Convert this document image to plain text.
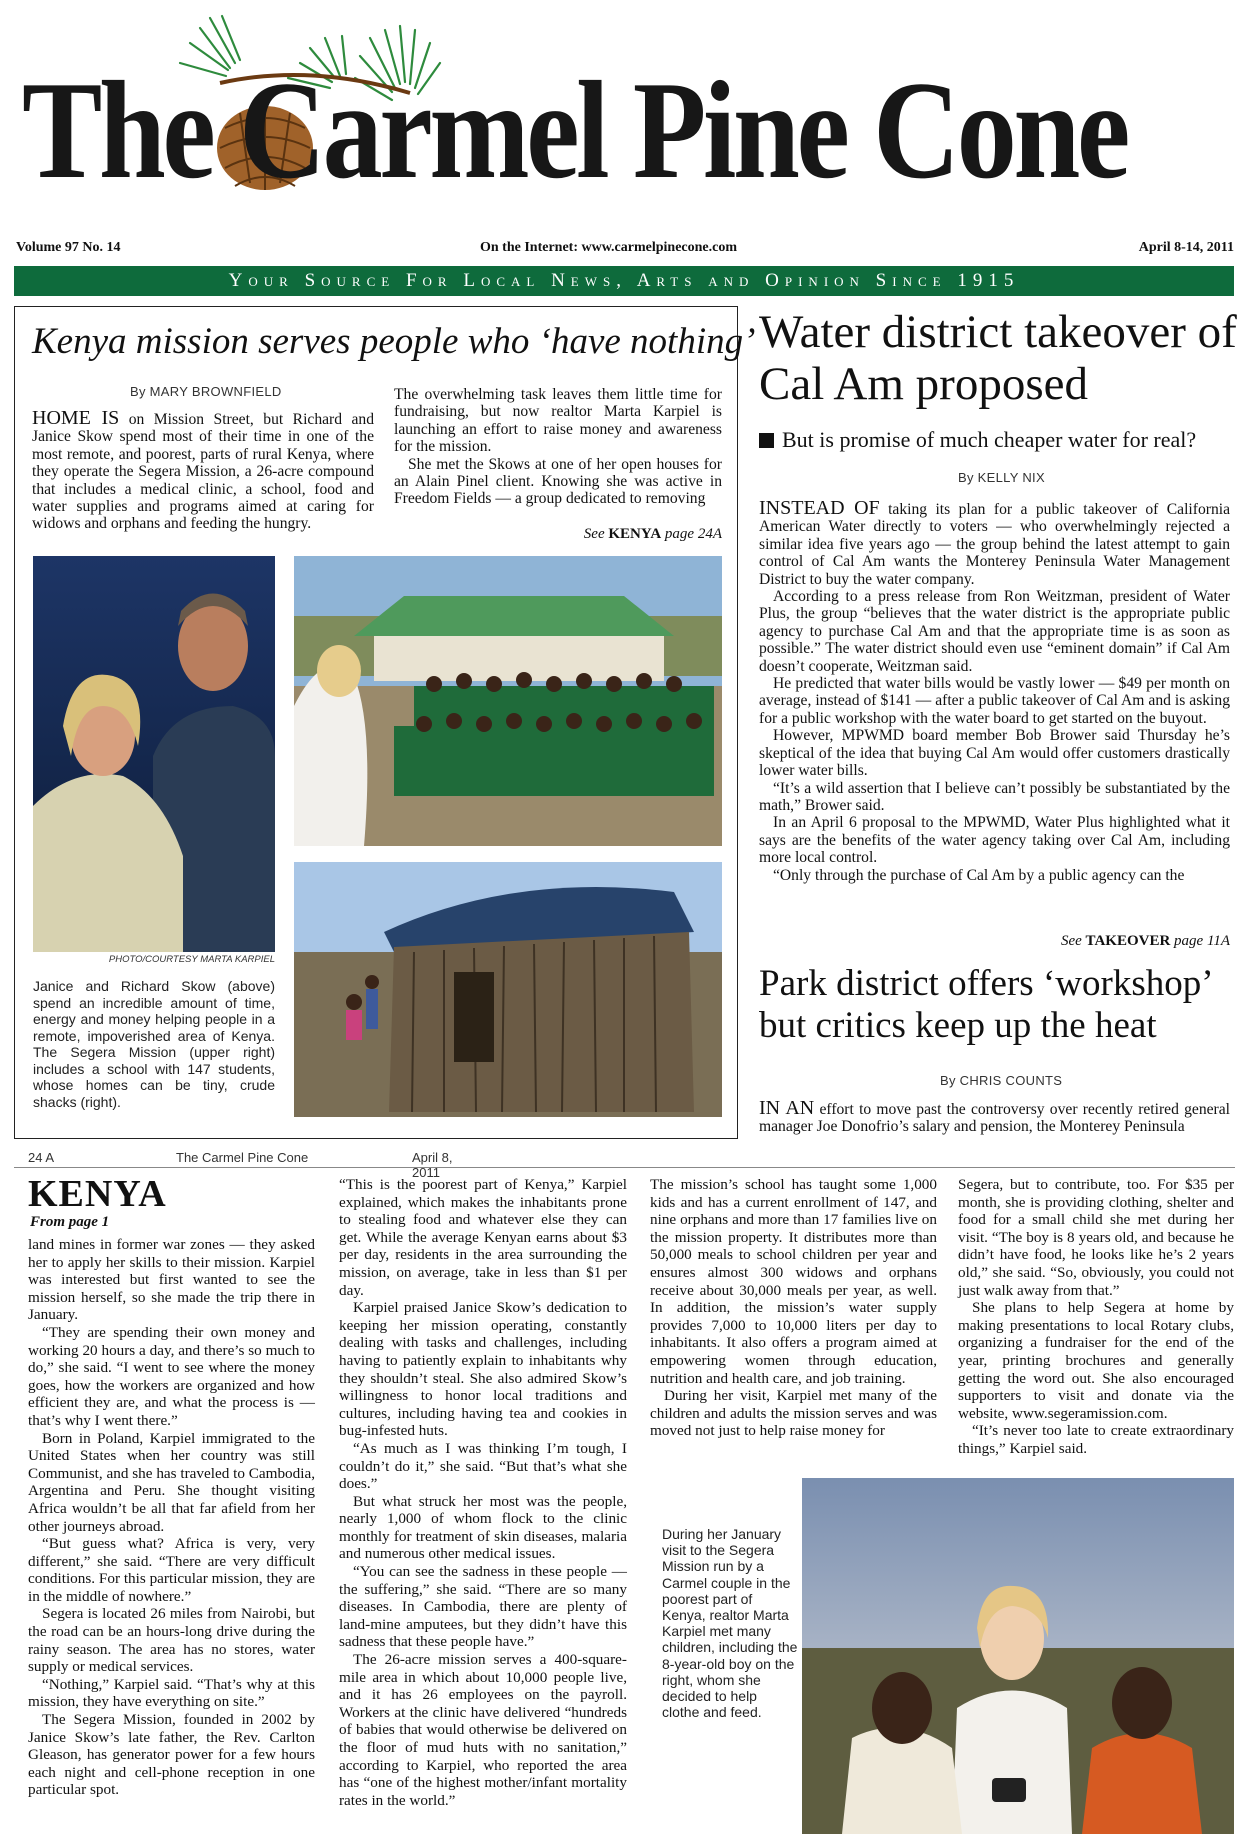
The Carmel Pine Cone
Volume 97 No. 14	On the Internet: www.carmelpinecone.com	April 8-14, 2011
Your Source For Local News, Arts and Opinion Since 1915
Kenya mission serves people who ‘have nothing’
By MARY BROWNFIELD

HOME IS on Mission Street, but Richard and Janice Skow spend most of their time in one of the most remote, and poorest, parts of rural Kenya, where they operate the Segera Mission, a 26-acre compound that includes a medical clinic, a school, food and water supplies and programs aimed at caring for widows and orphans and feeding the hungry.

The overwhelming task leaves them little time for fundraising, but now realtor Marta Karpiel is launching an effort to raise money and awareness for the mission.

She met the Skows at one of her open houses for an Alain Pinel client. Knowing she was active in Freedom Fields — a group dedicated to removing

See KENYA page 24A
PHOTO/COURTESY MARTA KARPIEL
Janice and Richard Skow (above) spend an incredible amount of time, energy and money helping people in a remote, impoverished area of Kenya. The Segera Mission (upper right) includes a school with 147 students, whose homes can be tiny, crude shacks (right).
Water district takeover of Cal Am proposed
But is promise of much cheaper water for real?
By KELLY NIX

INSTEAD OF taking its plan for a public takeover of California American Water directly to voters — who overwhelmingly rejected a similar idea five years ago — the group behind the latest attempt to gain control of Cal Am wants the Monterey Peninsula Water Management District to buy the water company.

According to a press release from Ron Weitzman, president of Water Plus, the group “believes that the water district is the appropriate public agency to purchase Cal Am and that the appropriate time is as soon as possible.” The water district should even use “eminent domain” if Cal Am doesn’t cooperate, Weitzman said.

He predicted that water bills would be vastly lower — $49 per month on average, instead of $141 — after a public takeover of Cal Am and is asking for a public workshop with the water board to get started on the buyout.

However, MPWMD board member Bob Brower said Thursday he’s skeptical of the idea that buying Cal Am would offer customers drastically lower water bills.

“It’s a wild assertion that I believe can’t possibly be substantiated by the math,” Brower said.

In an April 6 proposal to the MPWMD, Water Plus highlighted what it says are the benefits of the water agency taking over Cal Am, including more local control.

“Only through the purchase of Cal Am by a public agency can the

See TAKEOVER page 11A
Park district offers ‘workshop’ but critics keep up the heat
By CHRIS COUNTS

IN AN effort to move past the controversy over recently retired general manager Joe Donofrio’s salary and pension, the Monterey Peninsula

24 A	The Carmel Pine Cone	April 8, 2011
KENYA
From page 1

land mines in former war zones — they asked her to apply her skills to their mission. Karpiel was interested but first wanted to see the mission herself, so she made the trip there in January.

“They are spending their own money and working 20 hours a day, and there’s so much to do,” she said. “I went to see where the money goes, how the workers are organized and how efficient they are, and what the process is — that’s why I went there.”

Born in Poland, Karpiel immigrated to the United States when her country was still Communist, and she has traveled to Cambodia, Argentina and Peru. She thought visiting Africa wouldn’t be all that far afield from her other journeys abroad.

“But guess what? Africa is very, very different,” she said. “There are very difficult conditions. For this particular mission, they are in the middle of nowhere.”

Segera is located 26 miles from Nairobi, but the road can be an hours-long drive during the rainy season. The area has no stores, water supply or medical services.

“Nothing,” Karpiel said. “That’s why at this mission, they have everything on site.”

The Segera Mission, founded in 2002 by Janice Skow’s late father, the Rev. Carlton Gleason, has generator power for a few hours each night and cell-phone reception in one particular spot.

“This is the poorest part of Kenya,” Karpiel explained, which makes the inhabitants prone to stealing food and whatever else they can get. While the average Kenyan earns about $3 per day, residents in the area surrounding the mission, on average, take in less than $1 per day.

Karpiel praised Janice Skow’s dedication to keeping her mission operating, constantly dealing with tasks and challenges, including having to patiently explain to inhabitants why they shouldn’t steal. She also admired Skow’s willingness to honor local traditions and cultures, including having tea and cookies in bug-infested huts.

“As much as I was thinking I’m tough, I couldn’t do it,” she said. “But that’s what she does.”

But what struck her most was the people, nearly 1,000 of whom flock to the clinic monthly for treatment of skin diseases, malaria and numerous other medical issues.

“You can see the sadness in these people — the suffering,” she said. “There are so many diseases. In Cambodia, there are plenty of land-mine amputees, but they didn’t have this sadness that these people have.”

The 26-acre mission serves a 400-square-mile area in which about 10,000 people live, and it has 26 employees on the payroll. Workers at the clinic have delivered “hundreds of babies that would otherwise be delivered on the floor of mud huts with no sanitation,” according to Karpiel, who reported the area has “one of the highest mother/infant mortality rates in the world.”

The mission’s school has taught some 1,000 kids and has a current enrollment of 147, and nine orphans and more than 17 families live on the mission property. It distributes more than 50,000 meals to school children per year and ensures almost 300 widows and orphans receive about 30,000 meals per year, as well. In addition, the mission’s water supply provides 7,000 to 10,000 liters per day to inhabitants. It also offers a program aimed at empowering women through education, nutrition and health care, and job training.

During her visit, Karpiel met many of the children and adults the mission serves and was moved not just to help raise money for

Segera, but to contribute, too. For $35 per month, she is providing clothing, shelter and food for a small child she met during her visit. “The boy is 8 years old, and because he didn’t have food, he looks like he’s 2 years old,” she said. “So, obviously, you could not just walk away from that.”

She plans to help Segera at home by making presentations to local Rotary clubs, organizing a fundraiser for the end of the year, printing brochures and generally getting the word out. She also encouraged supporters to visit and donate via the website, www.segeramission.com.

“It’s never too late to create extraordinary things,” Karpiel said.

During her January visit to the Segera Mission run by a Carmel couple in the poorest part of Kenya, realtor Marta Karpiel met many children, including the 8-year-old boy on the right, whom she decided to help clothe and feed.
